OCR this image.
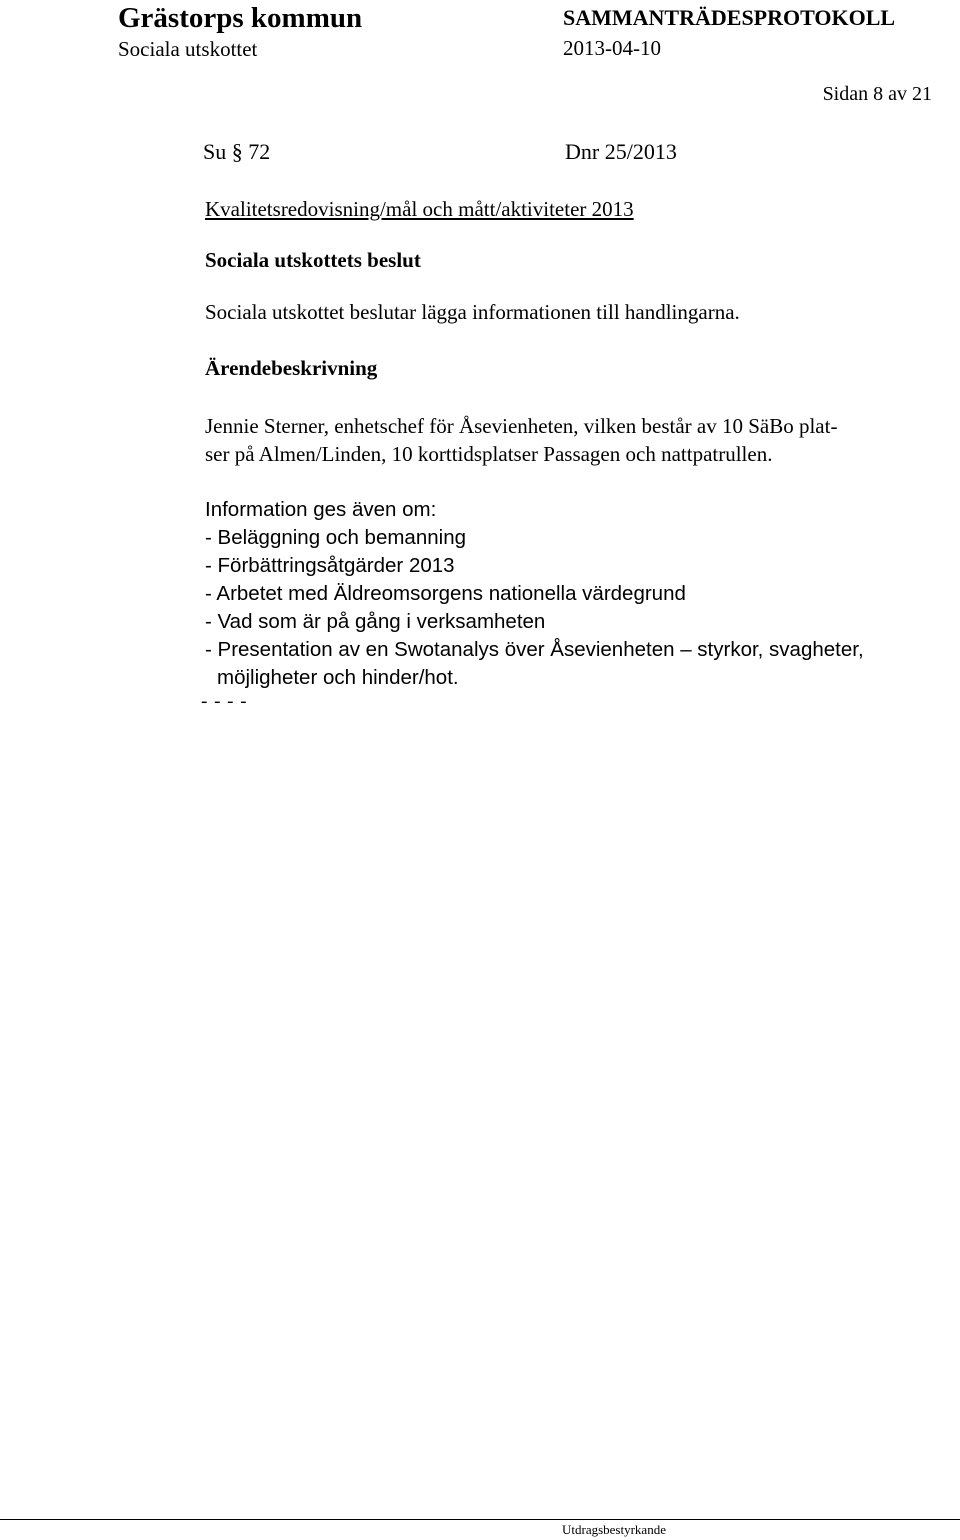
Grästorps kommun
Sociala utskottet
SAMMANTRÄDESPROTOKOLL
2013-04-10
Sidan 8 av 21
Su § 72	Dnr 25/2013
Kvalitetsredovisning/mål och mått/aktiviteter 2013
Sociala utskottets beslut
Sociala utskottet beslutar lägga informationen till handlingarna.
Ärendebeskrivning
Jennie Sterner, enhetschef för Åsevienheten, vilken består av 10 SäBo plat-
ser på Almen/Linden, 10 korttidsplatser Passagen och nattpatrullen.
Information ges även om:
- Beläggning och bemanning
- Förbättringsåtgärder 2013
- Arbetet med Äldreomsorgens nationella värdegrund
- Vad som är på gång i verksamheten
- Presentation av en Swotanalys över Åsevienheten – styrkor, svagheter,
möjligheter och hinder/hot.
- - - -
Utdragsbestyrkande
